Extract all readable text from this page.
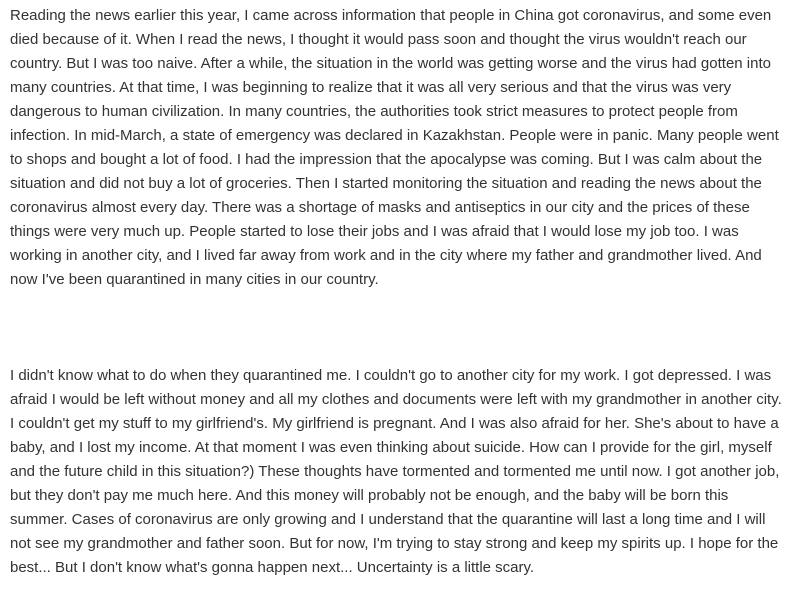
Reading the news earlier this year, I came across information that people in China got coronavirus, and some even died because of it. When I read the news, I thought it would pass soon and thought the virus wouldn't reach our country. But I was too naive. After a while, the situation in the world was getting worse and the virus had gotten into many countries. At that time, I was beginning to realize that it was all very serious and that the virus was very dangerous to human civilization. In many countries, the authorities took strict measures to protect people from infection. In mid-March, a state of emergency was declared in Kazakhstan. People were in panic. Many people went to shops and bought a lot of food. I had the impression that the apocalypse was coming. But I was calm about the situation and did not buy a lot of groceries. Then I started monitoring the situation and reading the news about the coronavirus almost every day. There was a shortage of masks and antiseptics in our city and the prices of these things were very much up. People started to lose their jobs and I was afraid that I would lose my job too. I was working in another city, and I lived far away from work and in the city where my father and grandmother lived. And now I've been quarantined in many cities in our country.

I didn't know what to do when they quarantined me. I couldn't go to another city for my work. I got depressed. I was afraid I would be left without money and all my clothes and documents were left with my grandmother in another city. I couldn't get my stuff to my girlfriend's. My girlfriend is pregnant. And I was also afraid for her. She's about to have a baby, and I lost my income. At that moment I was even thinking about suicide. How can I provide for the girl, myself and the future child in this situation?) These thoughts have tormented and tormented me until now. I got another job, but they don't pay me much here. And this money will probably not be enough, and the baby will be born this summer. Cases of coronavirus are only growing and I understand that the quarantine will last a long time and I will not see my grandmother and father soon. But for now, I'm trying to stay strong and keep my spirits up. I hope for the best... But I don't know what's gonna happen next... Uncertainty is a little scary.
